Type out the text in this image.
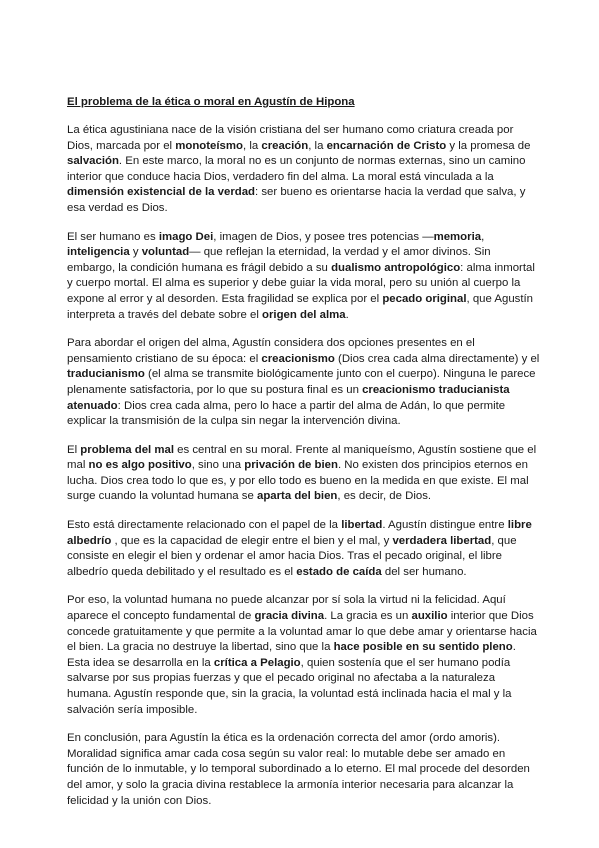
El problema de la ética o moral en Agustín de Hipona

La ética agustiniana nace de la visión cristiana del ser humano como criatura creada por Dios, marcada por el monoteísmo, la creación, la encarnación de Cristo y la promesa de salvación. En este marco, la moral no es un conjunto de normas externas, sino un camino interior que conduce hacia Dios, verdadero fin del alma. La moral está vinculada a la dimensión existencial de la verdad: ser bueno es orientarse hacia la verdad que salva, y esa verdad es Dios.

El ser humano es imago Dei, imagen de Dios, y posee tres potencias —memoria, inteligencia y voluntad— que reflejan la eternidad, la verdad y el amor divinos. Sin embargo, la condición humana es frágil debido a su dualismo antropológico: alma inmortal y cuerpo mortal. El alma es superior y debe guiar la vida moral, pero su unión al cuerpo la expone al error y al desorden. Esta fragilidad se explica por el pecado original, que Agustín interpreta a través del debate sobre el origen del alma.

Para abordar el origen del alma, Agustín considera dos opciones presentes en el pensamiento cristiano de su época: el creacionismo (Dios crea cada alma directamente) y el traducianismo (el alma se transmite biológicamente junto con el cuerpo). Ninguna le parece plenamente satisfactoria, por lo que su postura final es un creacionismo traducianista atenuado: Dios crea cada alma, pero lo hace a partir del alma de Adán, lo que permite explicar la transmisión de la culpa sin negar la intervención divina.

El problema del mal es central en su moral. Frente al maniqueísmo, Agustín sostiene que el mal no es algo positivo, sino una privación de bien. No existen dos principios eternos en lucha. Dios crea todo lo que es, y por ello todo es bueno en la medida en que existe. El mal surge cuando la voluntad humana se aparta del bien, es decir, de Dios.

Esto está directamente relacionado con el papel de la libertad. Agustín distingue entre libre albedrío , que es la capacidad de elegir entre el bien y el mal, y verdadera libertad, que consiste en elegir el bien y ordenar el amor hacia Dios. Tras el pecado original, el libre albedrío queda debilitado y el resultado es el estado de caída del ser humano.

Por eso, la voluntad humana no puede alcanzar por sí sola la virtud ni la felicidad. Aquí aparece el concepto fundamental de gracia divina. La gracia es un auxilio interior que Dios concede gratuitamente y que permite a la voluntad amar lo que debe amar y orientarse hacia el bien. La gracia no destruye la libertad, sino que la hace posible en su sentido pleno. Esta idea se desarrolla en la crítica a Pelagio, quien sostenía que el ser humano podía salvarse por sus propias fuerzas y que el pecado original no afectaba a la naturaleza humana. Agustín responde que, sin la gracia, la voluntad está inclinada hacia el mal y la salvación sería imposible.

En conclusión, para Agustín la ética es la ordenación correcta del amor (ordo amoris). Moralidad significa amar cada cosa según su valor real: lo mutable debe ser amado en función de lo inmutable, y lo temporal subordinado a lo eterno. El mal procede del desorden del amor, y solo la gracia divina restablece la armonía interior necesaria para alcanzar la felicidad y la unión con Dios.
